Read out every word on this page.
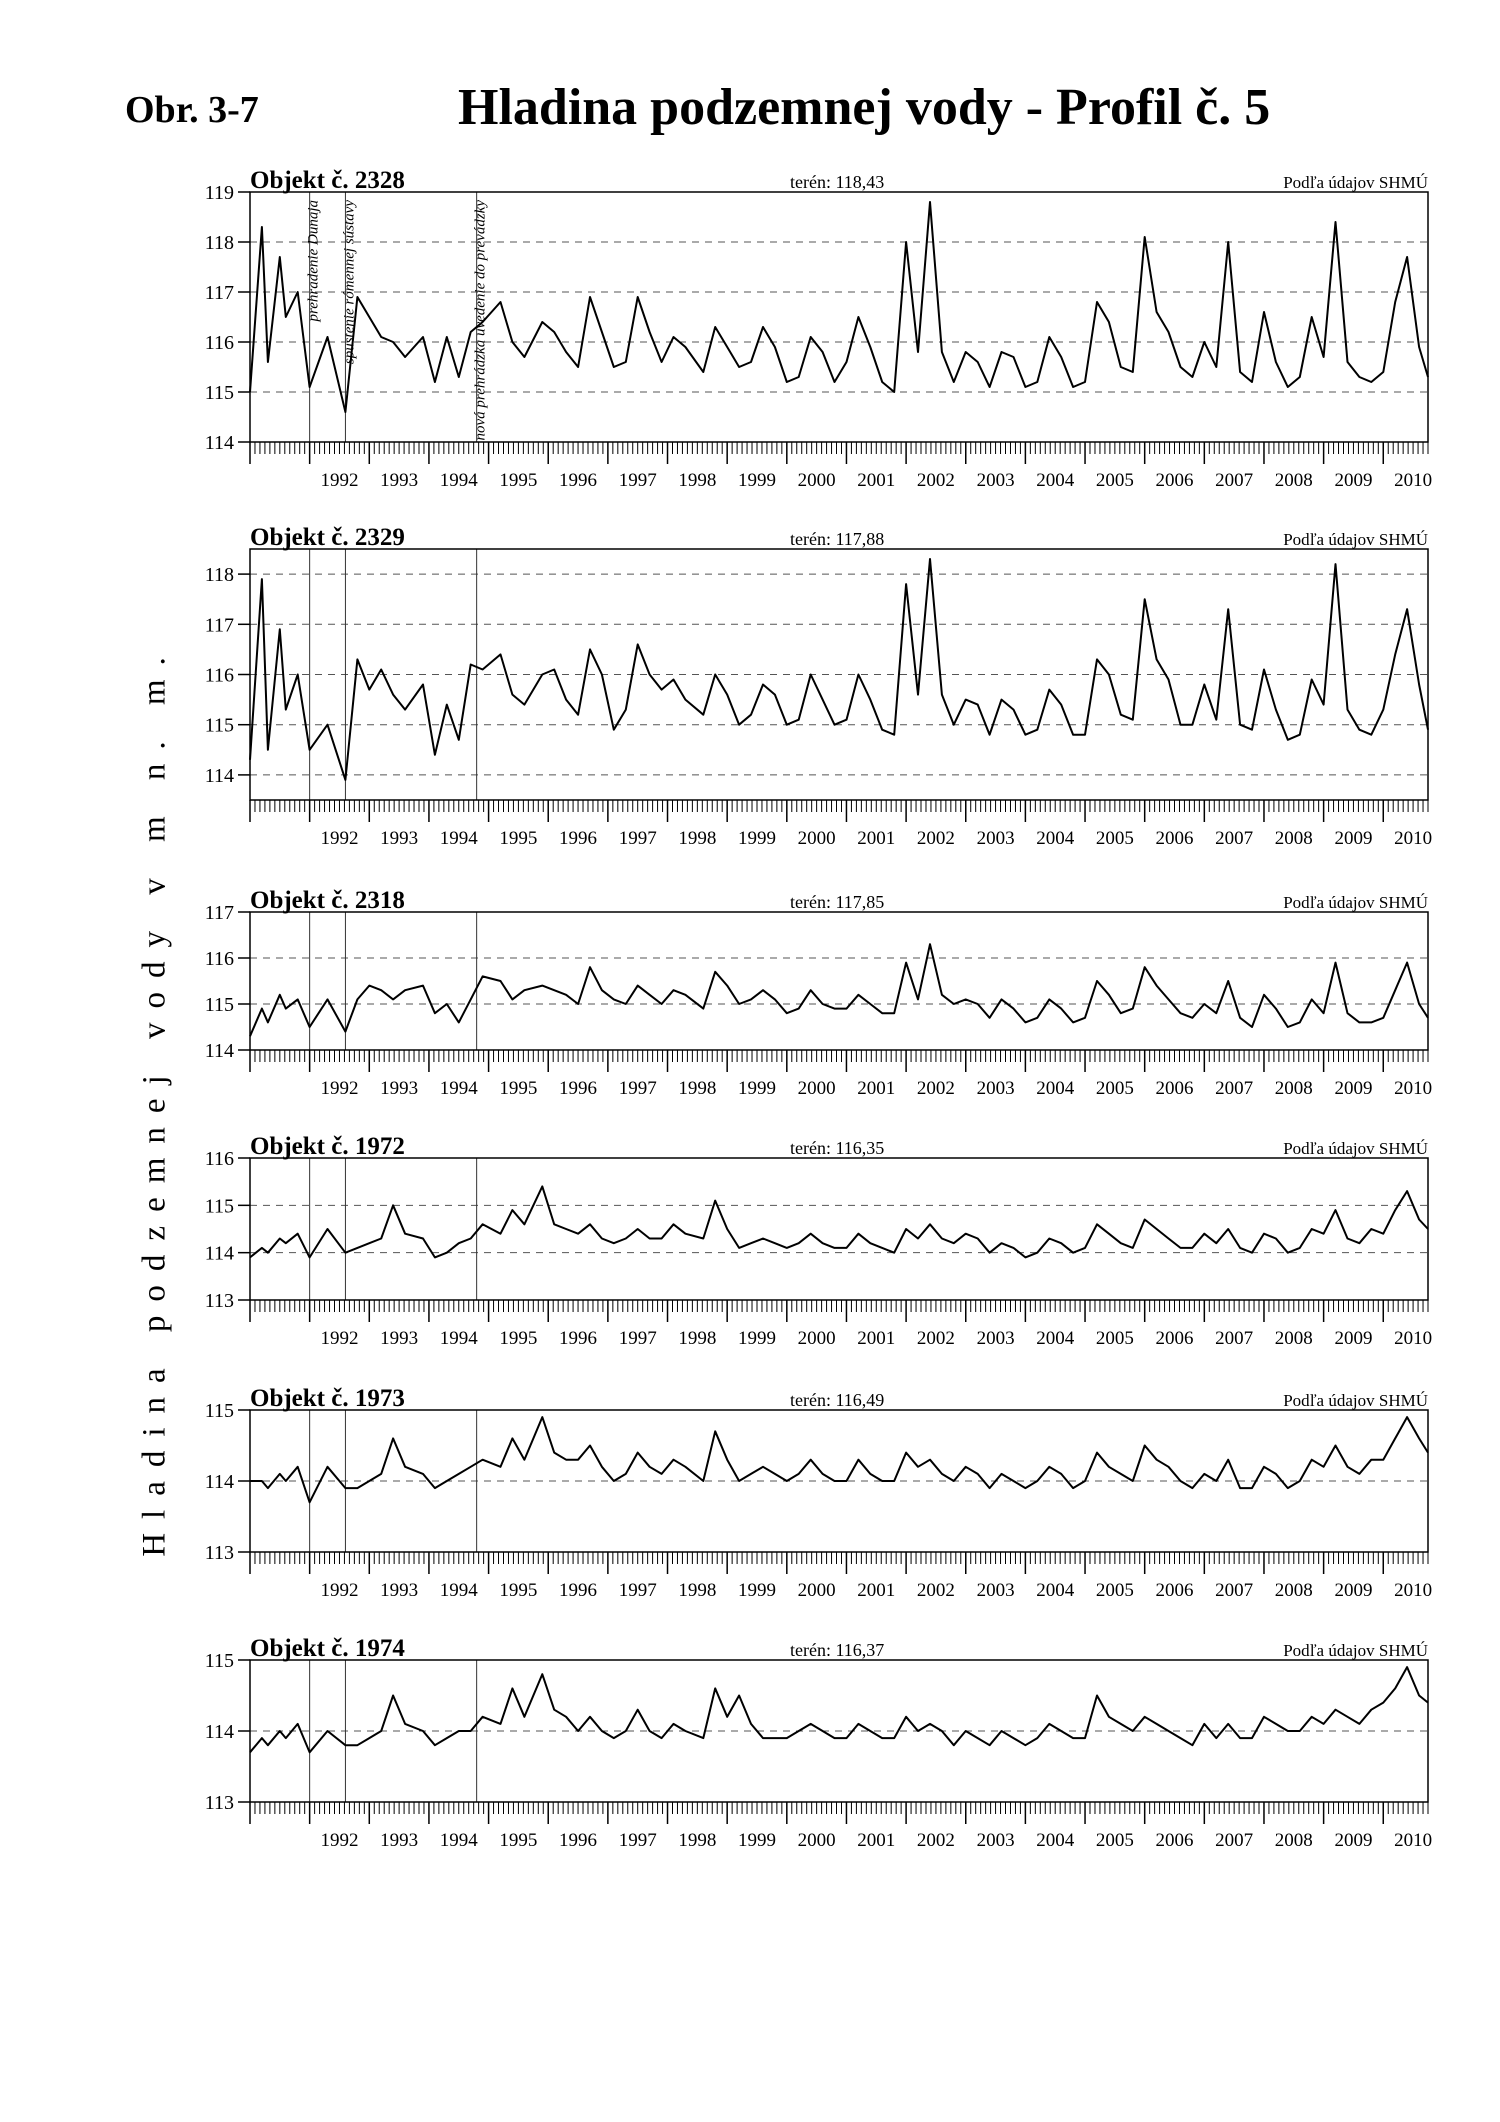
Obr. 3-7	Hladina podzemnej vody - Profil č. 5
Hladina podzemnej vody v m n. m.
prehradenie Dunaja spustenie rómennej sústavy	nová prehrádzka uvedenie do prevádzky
114
115
116
117
118
119
1992 1993 1994 1995 1996 1997 1998 1999 2000 2001 2002 2003 2004 2005 2006 2007 2008 2009 2010
Objekt č. 2328	terén: 118,43	Podľa údajov SHMÚ
114
115
116
117
118
1992 1993 1994 1995 1996 1997 1998 1999 2000 2001 2002 2003 2004 2005 2006 2007 2008 2009 2010
Objekt č. 2329	terén: 117,88	Podľa údajov SHMÚ
114
115
116
117
1992 1993 1994 1995 1996 1997 1998 1999 2000 2001 2002 2003 2004 2005 2006 2007 2008 2009 2010
Objekt č. 2318	terén: 117,85	Podľa údajov SHMÚ
113
114
115
116
1992 1993 1994 1995 1996 1997 1998 1999 2000 2001 2002 2003 2004 2005 2006 2007 2008 2009 2010
Objekt č. 1972	terén: 116,35	Podľa údajov SHMÚ
113
114
115
1992 1993 1994 1995 1996 1997 1998 1999 2000 2001 2002 2003 2004 2005 2006 2007 2008 2009 2010
Objekt č. 1973	terén: 116,49	Podľa údajov SHMÚ
113
114
115
1992 1993 1994 1995 1996 1997 1998 1999 2000 2001 2002 2003 2004 2005 2006 2007 2008 2009 2010
Objekt č. 1974	terén: 116,37	Podľa údajov SHMÚ
